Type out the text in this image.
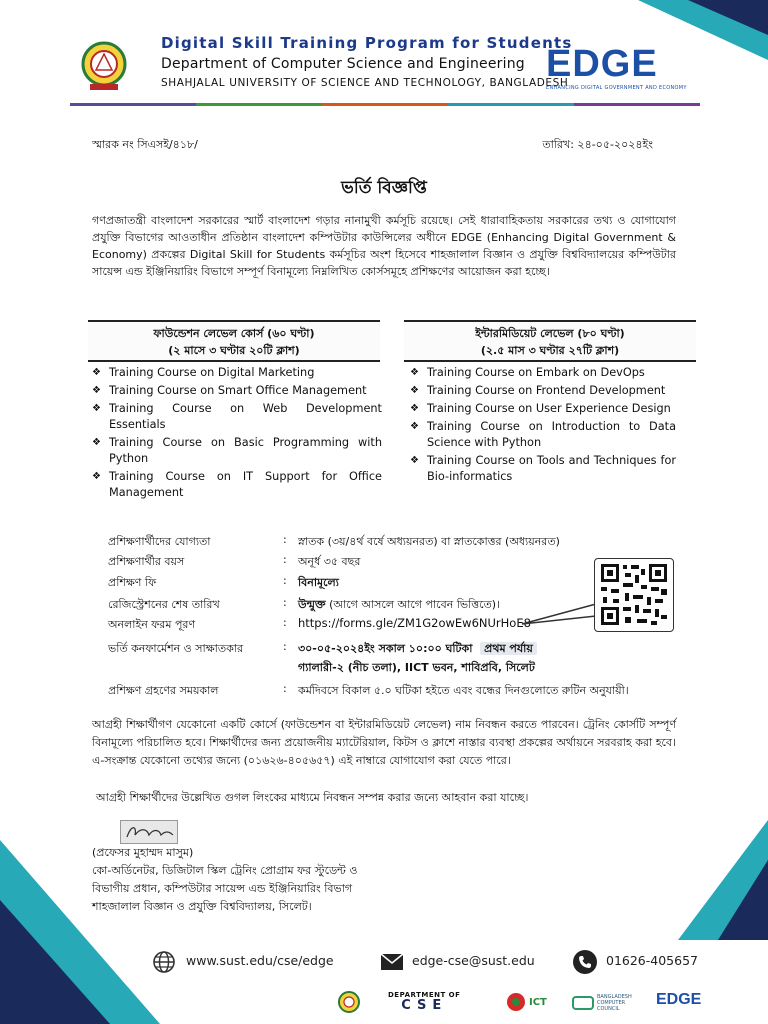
Digital Skill Training Program for Students
Department of Computer Science and Engineering
SHAHJALAL UNIVERSITY OF SCIENCE AND TECHNOLOGY, BANGLADESH
EDGE
ENHANCING DIGITAL GOVERNMENT AND ECONOMY
স্মারক নং সিএসই/৪১৮/	তারিখ: ২৪-০৫-২০২৪ইং
ভর্তি বিজ্ঞপ্তি
গণপ্রজাতন্ত্রী বাংলাদেশ সরকারের স্মার্ট বাংলাদেশ গড়ার নানামুখী কর্মসূচি রয়েছে। সেই ধারাবাহিকতায় সরকারের তথ্য ও যোগাযোগ প্রযুক্তি বিভাগের আওতাধীন প্রতিষ্ঠান বাংলাদেশ কম্পিউটার কাউন্সিলের অধীনে EDGE (Enhancing Digital Government & Economy) প্রকল্পের Digital Skill for Students কর্মসূচির অংশ হিসেবে শাহজালাল বিজ্ঞান ও প্রযুক্তি বিশ্ববিদ্যালয়ের কম্পিউটার সায়েন্স এন্ড ইঞ্জিনিয়ারিং বিভাগে সম্পূর্ণ বিনামূল্যে নিম্নলিখিত কোর্সসমূহে প্রশিক্ষণের আয়োজন করা হচ্ছে।
ফাউন্ডেশন লেভেল কোর্স (৬০ ঘণ্টা)
(২ মাসে ৩ ঘণ্টার ২০টি ক্লাশ)
ইন্টারমিডিয়েট লেভেল (৮০ ঘণ্টা)
(২.৫ মাস ৩ ঘণ্টার ২৭টি ক্লাশ)
❖ Training Course on Digital Marketing
❖ Training Course on Smart Office Management
❖ Training Course on Web Development Essentials
❖ Training Course on Basic Programming with Python
❖ Training Course on IT Support for Office Management
❖ Training Course on Embark on DevOps
❖ Training Course on Frontend Development
❖ Training Course on User Experience Design
❖ Training Course on Introduction to Data Science with Python
❖ Training Course on Tools and Techniques for Bio-informatics
প্রশিক্ষণার্থীদের যোগ্যতা	: স্নাতক (৩য়/৪র্থ বর্ষে অধ্যয়নরত) বা স্নাতকোত্তর (অধ্যয়নরত)
প্রশিক্ষণার্থীর বয়স	: অনূর্ধ ৩৫ বছর
প্রশিক্ষণ ফি	: বিনামূল্যে
রেজিস্ট্রেশনের শেষ তারিখ	: উন্মুক্ত (আগে আসলে আগে পাবেন ভিত্তিতে)।
অনলাইন ফরম পূরণ	: https://forms.gle/ZM1G2owEw6NUrHoE8
ভর্তি কনফার্মেশন ও সাক্ষাতকার	: ৩০-০৫-২০২৪ইং সকাল ১০:০০ ঘটিকা প্রথম পর্যায়
গ্যালারী-২ (নীচ তলা), IICT ভবন, শাবিপ্রবি, সিলেট
প্রশিক্ষণ গ্রহণের সময়কাল	: কর্মদিবসে বিকাল ৫.০ ঘটিকা হইতে এবং বন্ধের দিনগুলোতে রুটিন অনুযায়ী।
আগ্রহী শিক্ষার্থীগণ যেকোনো একটি কোর্সে (ফাউন্ডেশন বা ইন্টারমিডিয়েট লেভেল) নাম নিবন্ধন করতে পারবেন। ট্রেনিং কোর্সটি সম্পূর্ণ বিনামূল্যে পরিচালিত হবে। শিক্ষার্থীদের জন্য প্রয়োজনীয় ম্যাটেরিয়াল, কিটস ও ক্লাশে নাস্তার ব্যবস্থা প্রকল্পের অর্থায়নে সরবরাহ করা হবে। এ-সংক্রান্ত যেকোনো তথ্যের জন্যে (০১৬২৬-৪০৫৬৫৭) এই নাম্বারে যোগাযোগ করা যেতে পারে।
আগ্রহী শিক্ষার্থীদের উল্লেখিত গুগল লিংকের মাধ্যমে নিবন্ধন সম্পন্ন করার জন্যে আহবান করা যাচ্ছে।
(প্রফেসর মুহাম্মদ মাসুম)
কো-অর্ডিনেটর, ডিজিটাল স্কিল ট্রেনিং প্রোগ্রাম ফর স্টুডেন্ট ও
বিভাগীয় প্রধান, কম্পিউটার সায়েন্স এন্ড ইঞ্জিনিয়ারিং বিভাগ
শাহজালাল বিজ্ঞান ও প্রযুক্তি বিশ্ববিদ্যালয়, সিলেট।
www.sust.edu/cse/edge	edge-cse@sust.edu	01626-405657
DEPARTMENT OF
CSE	ICT	BANGLADESH COMPUTER COUNCIL
EDGE
